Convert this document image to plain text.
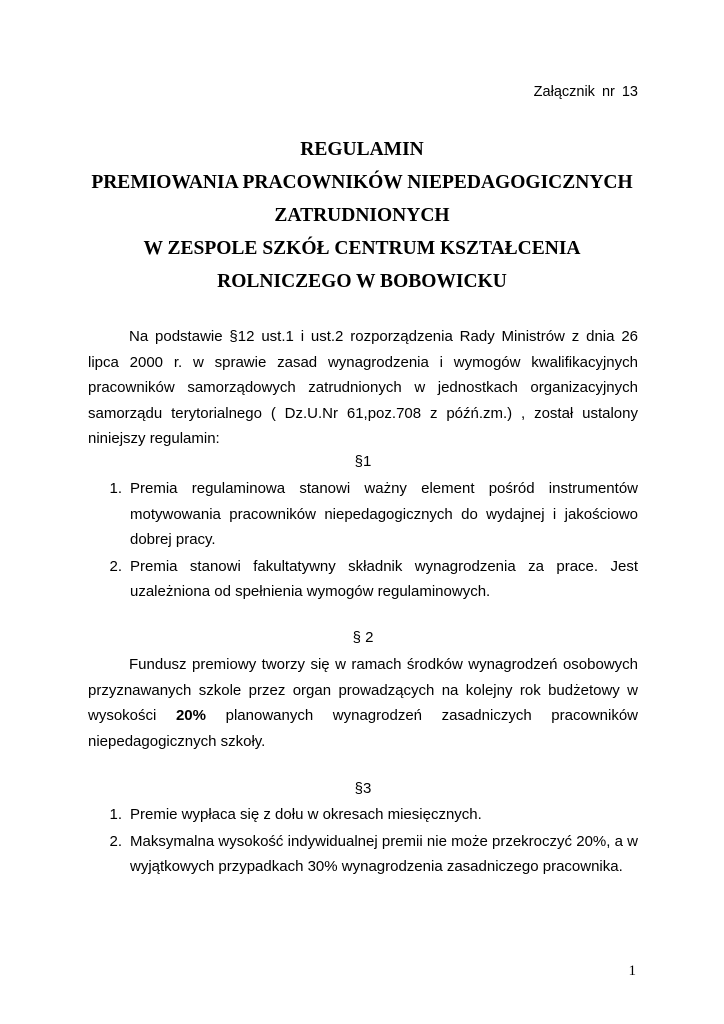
Załącznik nr 13
REGULAMIN
PREMIOWANIA PRACOWNIKÓW NIEPEDAGOGICZNYCH
ZATRUDNIONYCH
W ZESPOLE SZKÓŁ CENTRUM KSZTAŁCENIA
ROLNICZEGO W BOBOWICKU
Na podstawie §12 ust.1 i ust.2 rozporządzenia Rady Ministrów z dnia 26 lipca 2000 r. w sprawie zasad wynagrodzenia i wymogów kwalifikacyjnych pracowników samorządowych zatrudnionych w jednostkach organizacyjnych samorządu terytorialnego ( Dz.U.Nr 61,poz.708 z późń.zm.) , został ustalony niniejszy regulamin:
§1
1. Premia regulaminowa stanowi ważny element pośród instrumentów motywowania pracowników niepedagogicznych do wydajnej i jakościowo dobrej pracy.
2. Premia stanowi fakultatywny składnik wynagrodzenia za prace. Jest uzależniona od spełnienia wymogów regulaminowych.
§ 2
Fundusz premiowy tworzy się w ramach środków wynagrodzeń osobowych przyznawanych szkole przez organ prowadzących na kolejny rok budżetowy w wysokości 20% planowanych wynagrodzeń zasadniczych pracowników niepedagogicznych szkoły.
§3
1. Premie wypłaca się z dołu w okresach miesięcznych.
2. Maksymalna wysokość indywidualnej premii nie może przekroczyć 20%, a w wyjątkowych przypadkach 30% wynagrodzenia zasadniczego pracownika.
1
